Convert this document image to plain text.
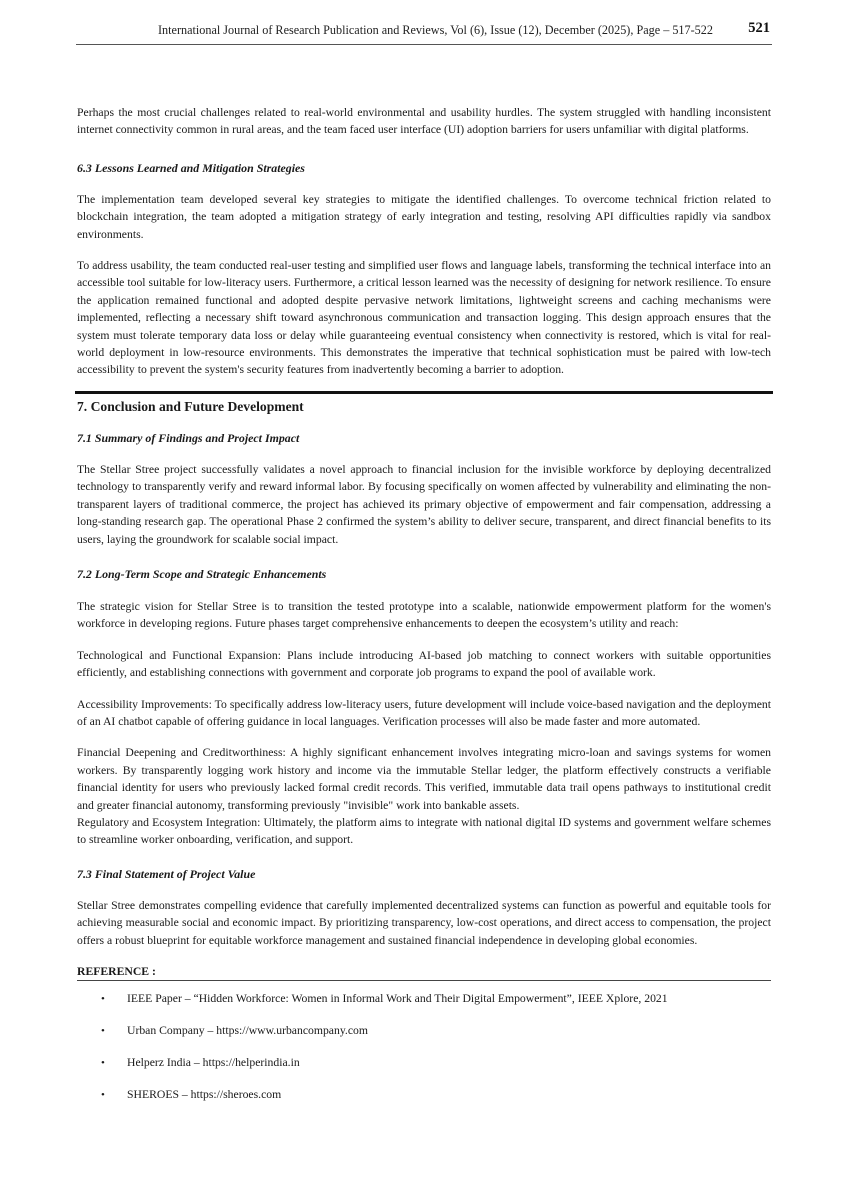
International Journal of Research Publication and Reviews, Vol (6), Issue (12), December (2025), Page – 517-522 521

Perhaps the most crucial challenges related to real-world environmental and usability hurdles. The system struggled with handling inconsistent internet connectivity common in rural areas, and the team faced user interface (UI) adoption barriers for users unfamiliar with digital platforms.

6.3 Lessons Learned and Mitigation Strategies

The implementation team developed several key strategies to mitigate the identified challenges. To overcome technical friction related to blockchain integration, the team adopted a mitigation strategy of early integration and testing, resolving API difficulties rapidly via sandbox environments.

To address usability, the team conducted real-user testing and simplified user flows and language labels, transforming the technical interface into an accessible tool suitable for low-literacy users. Furthermore, a critical lesson learned was the necessity of designing for network resilience. To ensure the application remained functional and adopted despite pervasive network limitations, lightweight screens and caching mechanisms were implemented, reflecting a necessary shift toward asynchronous communication and transaction logging. This design approach ensures that the system must tolerate temporary data loss or delay while guaranteeing eventual consistency when connectivity is restored, which is vital for real-world deployment in low-resource environments. This demonstrates the imperative that technical sophistication must be paired with low-tech accessibility to prevent the system's security features from inadvertently becoming a barrier to adoption.

7. Conclusion and Future Development
7.1 Summary of Findings and Project Impact

The Stellar Stree project successfully validates a novel approach to financial inclusion for the invisible workforce by deploying decentralized technology to transparently verify and reward informal labor. By focusing specifically on women affected by vulnerability and eliminating the non-transparent layers of traditional commerce, the project has achieved its primary objective of empowerment and fair compensation, addressing a long-standing research gap. The operational Phase 2 confirmed the system’s ability to deliver secure, transparent, and direct financial benefits to its users, laying the groundwork for scalable social impact.

7.2 Long-Term Scope and Strategic Enhancements

The strategic vision for Stellar Stree is to transition the tested prototype into a scalable, nationwide empowerment platform for the women's workforce in developing regions. Future phases target comprehensive enhancements to deepen the ecosystem’s utility and reach:

Technological and Functional Expansion: Plans include introducing AI-based job matching to connect workers with suitable opportunities efficiently, and establishing connections with government and corporate job programs to expand the pool of available work.

Accessibility Improvements: To specifically address low-literacy users, future development will include voice-based navigation and the deployment of an AI chatbot capable of offering guidance in local languages. Verification processes will also be made faster and more automated.

Financial Deepening and Creditworthiness: A highly significant enhancement involves integrating micro-loan and savings systems for women workers. By transparently logging work history and income via the immutable Stellar ledger, the platform effectively constructs a verifiable financial identity for users who previously lacked formal credit records. This verified, immutable data trail opens pathways to institutional credit and greater financial autonomy, transforming previously "invisible" work into bankable assets.

Regulatory and Ecosystem Integration: Ultimately, the platform aims to integrate with national digital ID systems and government welfare schemes to streamline worker onboarding, verification, and support.

7.3 Final Statement of Project Value

Stellar Stree demonstrates compelling evidence that carefully implemented decentralized systems can function as powerful and equitable tools for achieving measurable social and economic impact. By prioritizing transparency, low-cost operations, and direct access to compensation, the project offers a robust blueprint for equitable workforce management and sustained financial independence in developing global economies.

REFERENCE :
• IEEE Paper – “Hidden Workforce: Women in Informal Work and Their Digital Empowerment”, IEEE Xplore, 2021
• Urban Company – https://www.urbancompany.com
• Helperz India – https://helperindia.in
• SHEROES – https://sheroes.com
